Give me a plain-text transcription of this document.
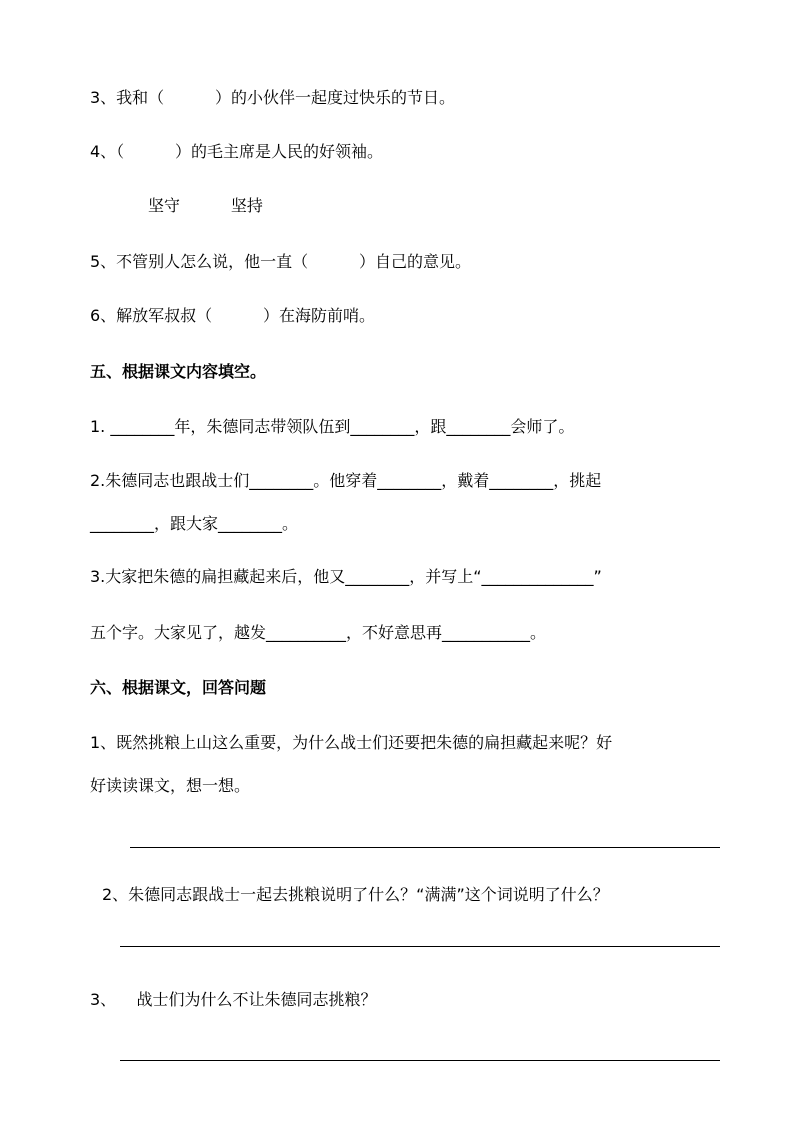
3、我和（          ）的小伙伴一起度过快乐的节日。
4、（          ）的毛主席是人民的好领袖。
坚守          坚持
5、不管别人怎么说，他一直（          ）自己的意见。
6、解放军叔叔（          ）在海防前哨。
五、根据课文内容填空。
1. ________年，朱德同志带领队伍到________，跟________会师了。
2.朱德同志也跟战士们________。他穿着________，戴着________，挑起
________，跟大家________。
3.大家把朱德的扁担藏起来后，他又________，并写上“______________”
五个字。大家见了，越发__________，不好意思再___________。
六、根据课文，回答问题
1、既然挑粮上山这么重要，为什么战士们还要把朱德的扁担藏起来呢？好
好读读课文，想一想。
2、朱德同志跟战士一起去挑粮说明了什么？“满满”这个词说明了什么？
3、    战士们为什么不让朱德同志挑粮？
